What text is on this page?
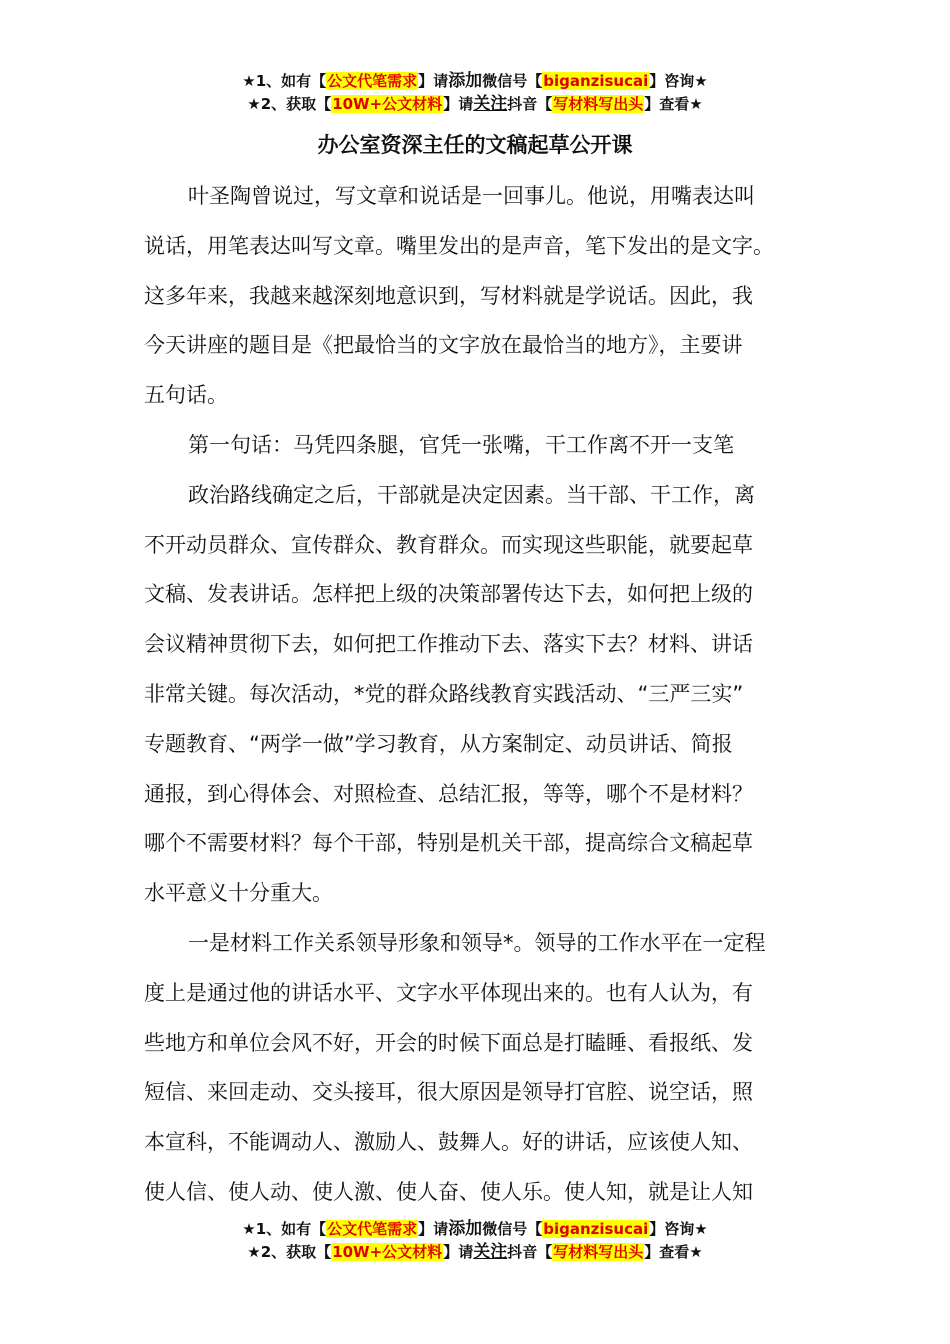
★1、如有【公文代笔需求】请添加微信号【biganzisucai】咨询★
★2、获取【10W+公文材料】请关注抖音【写材料写出头】查看★
办公室资深主任的文稿起草公开课
叶圣陶曾说过，写文章和说话是一回事儿。他说，用嘴表达叫
说话，用笔表达叫写文章。嘴里发出的是声音，笔下发出的是文字。
这多年来，我越来越深刻地意识到，写材料就是学说话。因此，我
今天讲座的题目是《把最恰当的文字放在最恰当的地方》，主要讲
五句话。
第一句话：马凭四条腿，官凭一张嘴，干工作离不开一支笔
政治路线确定之后，干部就是决定因素。当干部、干工作，离
不开动员群众、宣传群众、教育群众。而实现这些职能，就要起草
文稿、发表讲话。怎样把上级的决策部署传达下去，如何把上级的
会议精神贯彻下去，如何把工作推动下去、落实下去？材料、讲话
非常关键。每次活动，*党的群众路线教育实践活动、“三严三实”
专题教育、“两学一做”学习教育，从方案制定、动员讲话、简报
通报，到心得体会、对照检查、总结汇报，等等，哪个不是材料？
哪个不需要材料？每个干部，特别是机关干部，提高综合文稿起草
水平意义十分重大。
一是材料工作关系领导形象和领导*。领导的工作水平在一定程
度上是通过他的讲话水平、文字水平体现出来的。也有人认为，有
些地方和单位会风不好，开会的时候下面总是打瞌睡、看报纸、发
短信、来回走动、交头接耳，很大原因是领导打官腔、说空话，照
本宣科，不能调动人、激励人、鼓舞人。好的讲话，应该使人知、
使人信、使人动、使人激、使人奋、使人乐。使人知，就是让人知
★1、如有【公文代笔需求】请添加微信号【biganzisucai】咨询★
★2、获取【10W+公文材料】请关注抖音【写材料写出头】查看★
